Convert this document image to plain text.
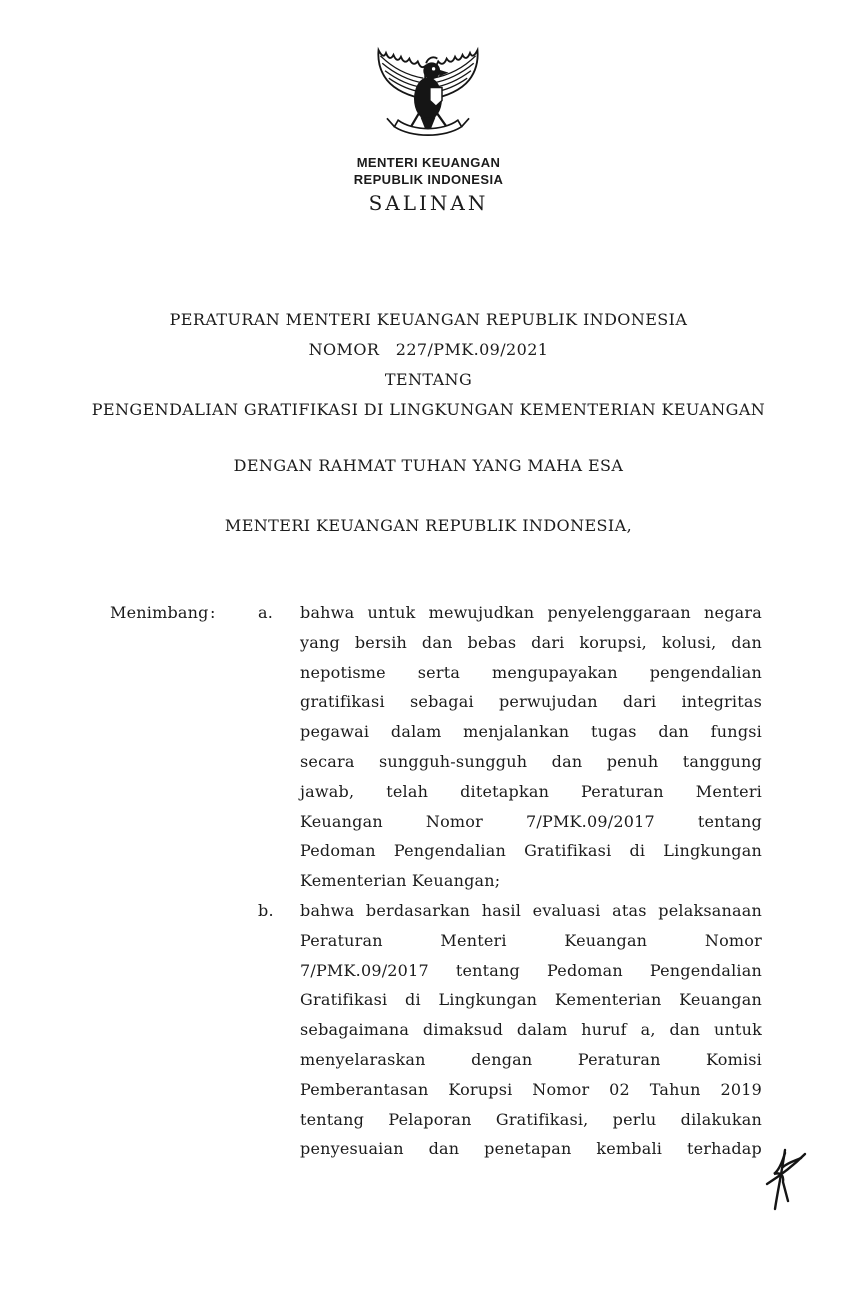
MENTERI KEUANGAN
REPUBLIK INDONESIA
SALINAN
PERATURAN MENTERI KEUANGAN REPUBLIK INDONESIA
NOMOR   227/PMK.09/2021
TENTANG
PENGENDALIAN GRATIFIKASI DI LINGKUNGAN KEMENTERIAN KEUANGAN
DENGAN RAHMAT TUHAN YANG MAHA ESA
MENTERI KEUANGAN REPUBLIK INDONESIA,
Menimbang :	a. bahwa untuk mewujudkan penyelenggaraan negara
yang bersih dan bebas dari korupsi, kolusi, dan
nepotisme serta mengupayakan pengendalian
gratifikasi sebagai perwujudan dari integritas
pegawai dalam menjalankan tugas dan fungsi
secara sungguh-sungguh dan penuh tanggung
jawab, telah ditetapkan Peraturan Menteri
Keuangan Nomor 7/PMK.09/2017 tentang
Pedoman Pengendalian Gratifikasi di Lingkungan
Kementerian Keuangan;
b. bahwa berdasarkan hasil evaluasi atas pelaksanaan
Peraturan Menteri Keuangan Nomor
7/PMK.09/2017 tentang Pedoman Pengendalian
Gratifikasi di Lingkungan Kementerian Keuangan
sebagaimana dimaksud dalam huruf a, dan untuk
menyelaraskan dengan Peraturan Komisi
Pemberantasan Korupsi Nomor 02 Tahun 2019
tentang Pelaporan Gratifikasi, perlu dilakukan
penyesuaian dan penetapan kembali terhadap
